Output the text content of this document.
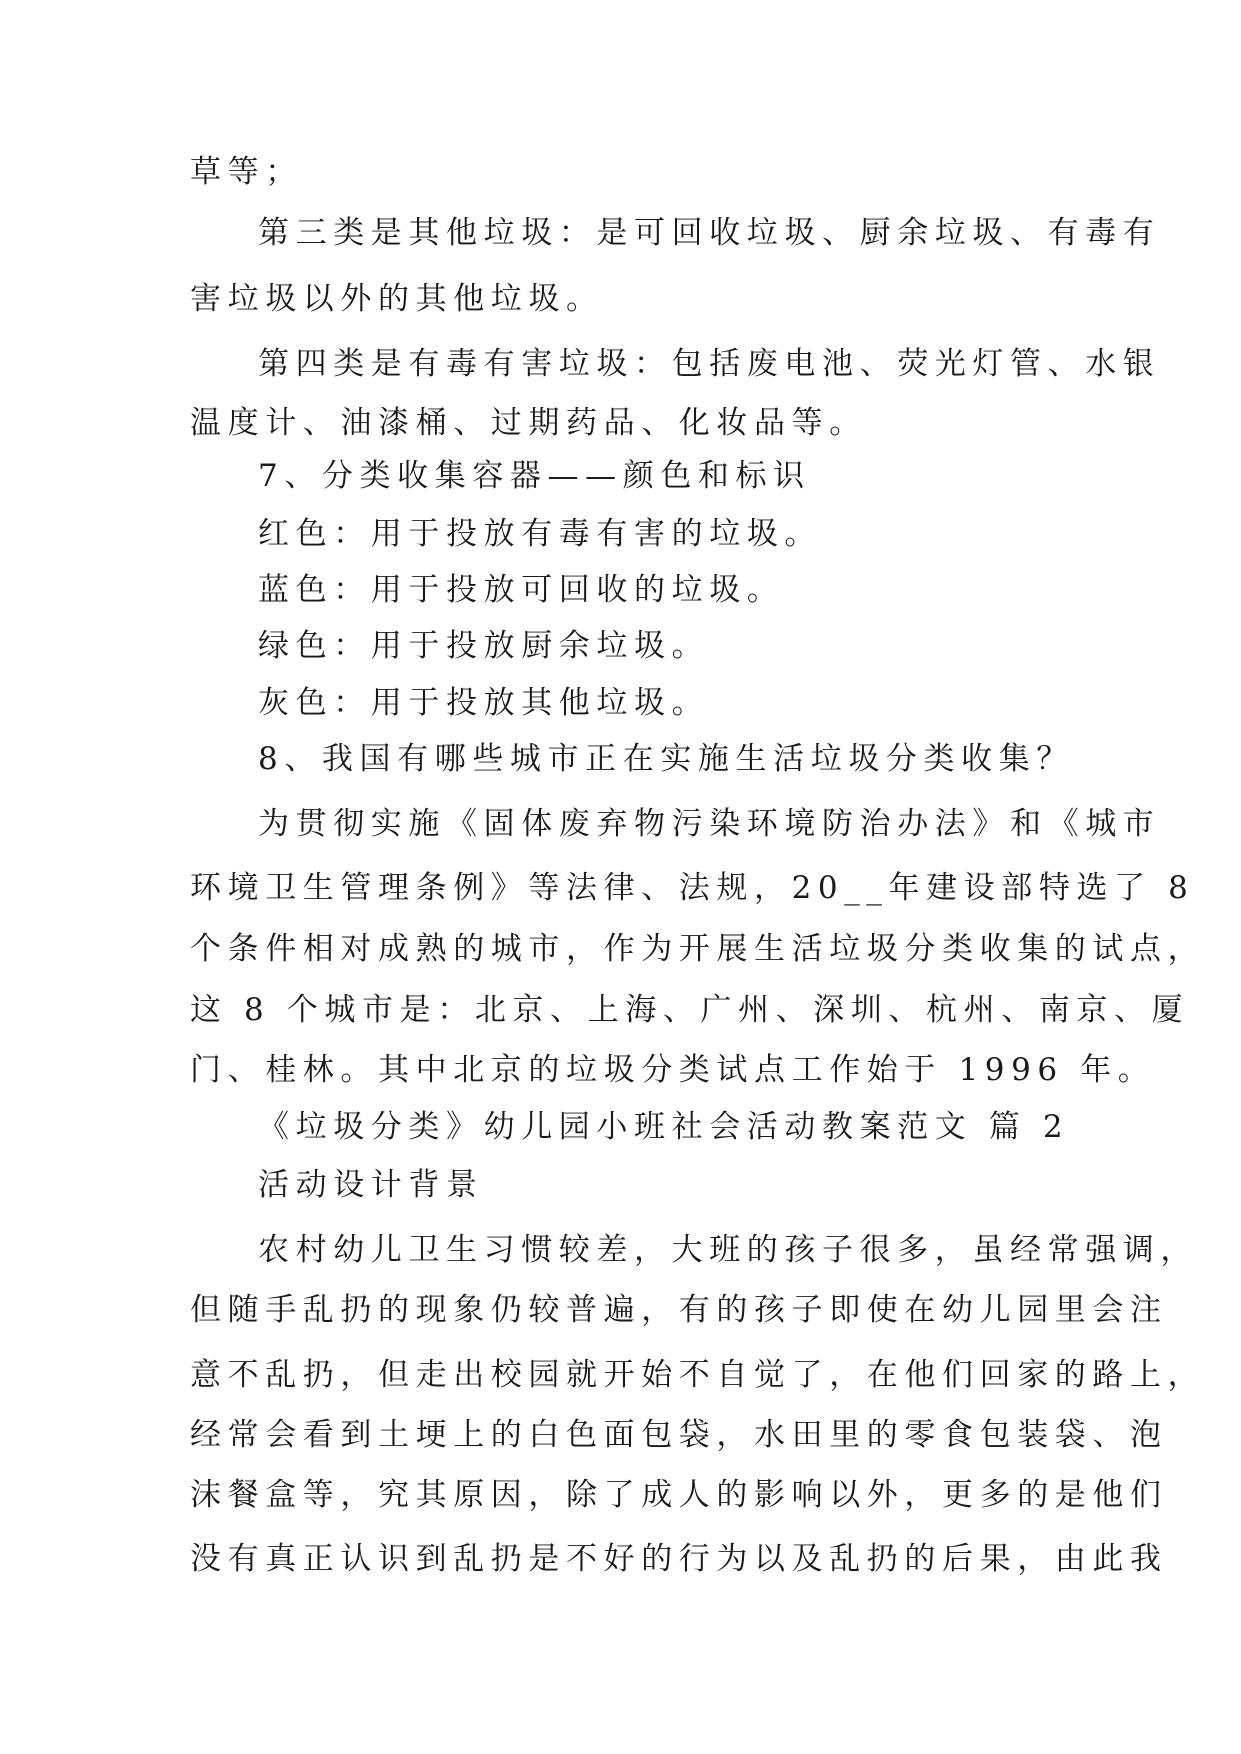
草等；
第三类是其他垃圾：是可回收垃圾、厨余垃圾、有毒有
害垃圾以外的其他垃圾。
第四类是有毒有害垃圾：包括废电池、荧光灯管、水银
温度计、油漆桶、过期药品、化妆品等。
7、分类收集容器——颜色和标识
红色：用于投放有毒有害的垃圾。
蓝色：用于投放可回收的垃圾。
绿色：用于投放厨余垃圾。
灰色：用于投放其他垃圾。
8、我国有哪些城市正在实施生活垃圾分类收集？
为贯彻实施《固体废弃物污染环境防治办法》和《城市
环境卫生管理条例》等法律、法规，20__年建设部特选了 8
个条件相对成熟的城市，作为开展生活垃圾分类收集的试点，
这 8 个城市是：北京、上海、广州、深圳、杭州、南京、厦
门、桂林。其中北京的垃圾分类试点工作始于 1996 年。
《垃圾分类》幼儿园小班社会活动教案范文 篇 2
活动设计背景
农村幼儿卫生习惯较差，大班的孩子很多，虽经常强调，
但随手乱扔的现象仍较普遍，有的孩子即使在幼儿园里会注
意不乱扔，但走出校园就开始不自觉了，在他们回家的路上，
经常会看到土埂上的白色面包袋，水田里的零食包装袋、泡
沫餐盒等，究其原因，除了成人的影响以外，更多的是他们
没有真正认识到乱扔是不好的行为以及乱扔的后果，由此我
